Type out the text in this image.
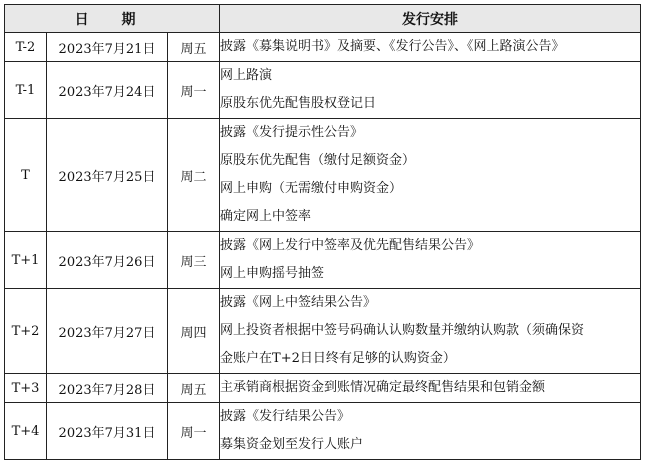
日 期			发行安排
T-2	2023年7月21日	周五	披露《募集说明书》及摘要、《发行公告》、《网上路演公告》

T-1	2023年7月24日	周一	网上路演
原股东优先配售股权登记日

T	2023年7月25日	周二	披露《发行提示性公告》
原股东优先配售（缴付足额资金）
网上申购（无需缴付申购资金）
确定网上中签率

T+1	2023年7月26日	周三	披露《网上发行中签率及优先配售结果公告》
网上申购摇号抽签

T+2	2023年7月27日	周四	披露《网上中签结果公告》
网上投资者根据中签号码确认认购数量并缴纳认购款（须确保资
金账户在T+2日日终有足够的认购资金）

T+3	2023年7月28日	周五	主承销商根据资金到账情况确定最终配售结果和包销金额

T+4	2023年7月31日	周一	披露《发行结果公告》
募集资金划至发行人账户
